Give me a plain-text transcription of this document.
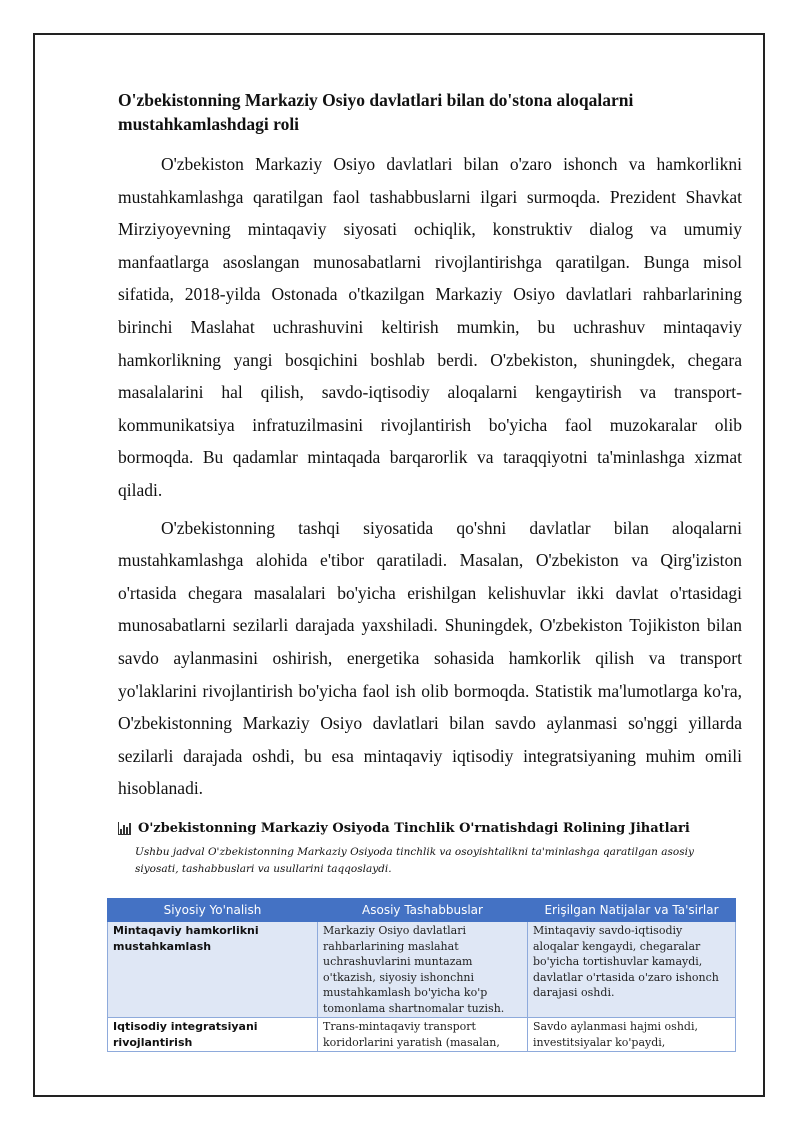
O'zbekistonning Markaziy Osiyo davlatlari bilan do'stona aloqalarni mustahkamlashdagi roli

O'zbekiston Markaziy Osiyo davlatlari bilan o'zaro ishonch va hamkorlikni mustahkamlashga qaratilgan faol tashabbuslarni ilgari surmoqda. Prezident Shavkat Mirziyoyevning mintaqaviy siyosati ochiqlik, konstruktiv dialog va umumiy manfaatlarga asoslangan munosabatlarni rivojlantirishga qaratilgan. Bunga misol sifatida, 2018-yilda Ostonada o'tkazilgan Markaziy Osiyo davlatlari rahbarlarining birinchi Maslahat uchrashuvini keltirish mumkin, bu uchrashuv mintaqaviy hamkorlikning yangi bosqichini boshlab berdi. O'zbekiston, shuningdek, chegara masalalarini hal qilish, savdo-iqtisodiy aloqalarni kengaytirish va transport-kommunikatsiya infratuzilmasini rivojlantirish bo'yicha faol muzokaralar olib bormoqda. Bu qadamlar mintaqada barqarorlik va taraqqiyotni ta'minlashga xizmat qiladi.

O'zbekistonning tashqi siyosatida qo'shni davlatlar bilan aloqalarni mustahkamlashga alohida e'tibor qaratiladi. Masalan, O'zbekiston va Qirg'iziston o'rtasida chegara masalalari bo'yicha erishilgan kelishuvlar ikki davlat o'rtasidagi munosabatlarni sezilarli darajada yaxshiladi. Shuningdek, O'zbekiston Tojikiston bilan savdo aylanmasini oshirish, energetika sohasida hamkorlik qilish va transport yo'laklarini rivojlantirish bo'yicha faol ish olib bormoqda. Statistik ma'lumotlarga ko'ra, O'zbekistonning Markaziy Osiyo davlatlari bilan savdo aylanmasi so'nggi yillarda sezilarli darajada oshdi, bu esa mintaqaviy iqtisodiy integratsiyaning muhim omili hisoblanadi.

O'zbekistonning Markaziy Osiyoda Tinchlik O'rnatishdagi Rolining Jihatlari
Ushbu jadval O'zbekistonning Markaziy Osiyoda tinchlik va osoyishtalikni ta'minlashga qaratilgan asosiy siyosati, tashabbuslari va usullarini taqqoslaydi.
Siyosiy Yo'nalish	Asosiy Tashabbuslar	Erişilgan Natijalar va Ta'sirlar
Mintaqaviy hamkorlikni mustahkamlash	Markaziy Osiyo davlatlari rahbarlarining maslahat uchrashuvlarini muntazam o'tkazish, siyosiy ishonchni mustahkamlash bo'yicha ko'p tomonlama shartnomalar tuzish.	Mintaqaviy savdo-iqtisodiy aloqalar kengaydi, chegaralar bo'yicha tortishuvlar kamaydi, davlatlar o'rtasida o'zaro ishonch darajasi oshdi.
Iqtisodiy integratsiyani rivojlantirish	Trans-mintaqaviy transport koridorlarini yaratish (masalan,	Savdo aylanmasi hajmi oshdi, investitsiyalar ko'paydi,
